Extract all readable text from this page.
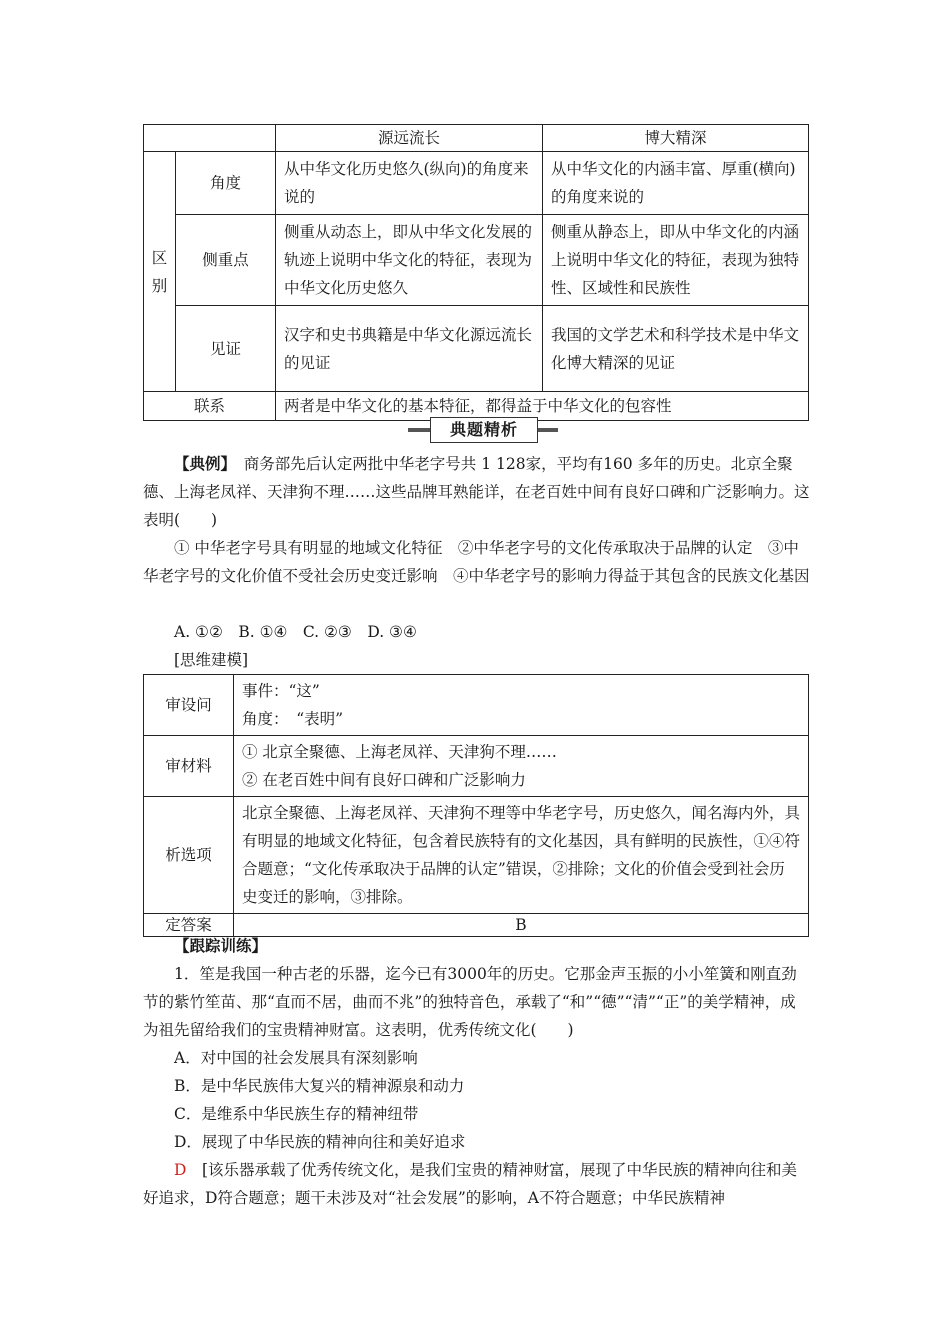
		源远流长	博大精深
区别	角度	从中华文化历史悠久(纵向)的角度来说的	从中华文化的内涵丰富、厚重(横向)的角度来说的
	侧重点	侧重从动态上，即从中华文化发展的轨迹上说明中华文化的特征，表现为中华文化历史悠久	侧重从静态上，即从中华文化的内涵上说明中华文化的特征，表现为独特性、区域性和民族性
	见证	汉字和史书典籍是中华文化源远流长的见证	我国的文学艺术和科学技术是中华文化博大精深的见证
联系		两者是中华文化的基本特征，都得益于中华文化的包容性	
典题精析

【典例】　 商务部先后认定两批中华老字号共 1 128家，平均有160 多年的历史。北京全聚德、上海老凤祥、天津狗不理……这些品牌耳熟能详，在老百姓中间有良好口碑和广泛影响力。这表明(　　)

① 中华老字号具有明显的地域文化特征　②中华老字号的文化传承取决于品牌的认定　③中华老字号的文化价值不受社会历史变迁影响　④中华老字号的影响力得益于其包含的民族文化基因

A. ①②　B. ①④　C. ②③　D. ③④
[思维建模]
审设问	事件：“这”
角度：　“表明”

审材料	① 北京全聚德、上海老凤祥、天津狗不理……
② 在老百姓中间有良好口碑和广泛影响力

析选项	北京全聚德、上海老凤祥、天津狗不理等中华老字号，历史悠久，闻名海内外，具有明显的地域文化特征，包含着民族特有的文化基因，具有鲜明的民族性，①④符合题意；“文化传承取决于品牌的认定”错误，②排除；文化的价值会受到社会历史变迁的影响，③排除。
定答案	B
【跟踪训练】

1．笙是我国一种古老的乐器，迄今已有3000年的历史。它那金声玉振的小小笙簧和刚直劲节的紫竹笙苗、那“直而不居，曲而不兆”的独特音色，承载了“和”“德”“清”“正”的美学精神，成为祖先留给我们的宝贵精神财富。这表明，优秀传统文化(　　)

A．对中国的社会发展具有深刻影响
B．是中华民族伟大复兴的精神源泉和动力
C．是维系中华民族生存的精神纽带
D．展现了中华民族的精神向往和美好追求

D　 [该乐器承载了优秀传统文化，是我们宝贵的精神财富，展现了中华民族的精神向往和美好追求，D符合题意；题干未涉及对“社会发展”的影响，A不符合题意；中华民族精神
